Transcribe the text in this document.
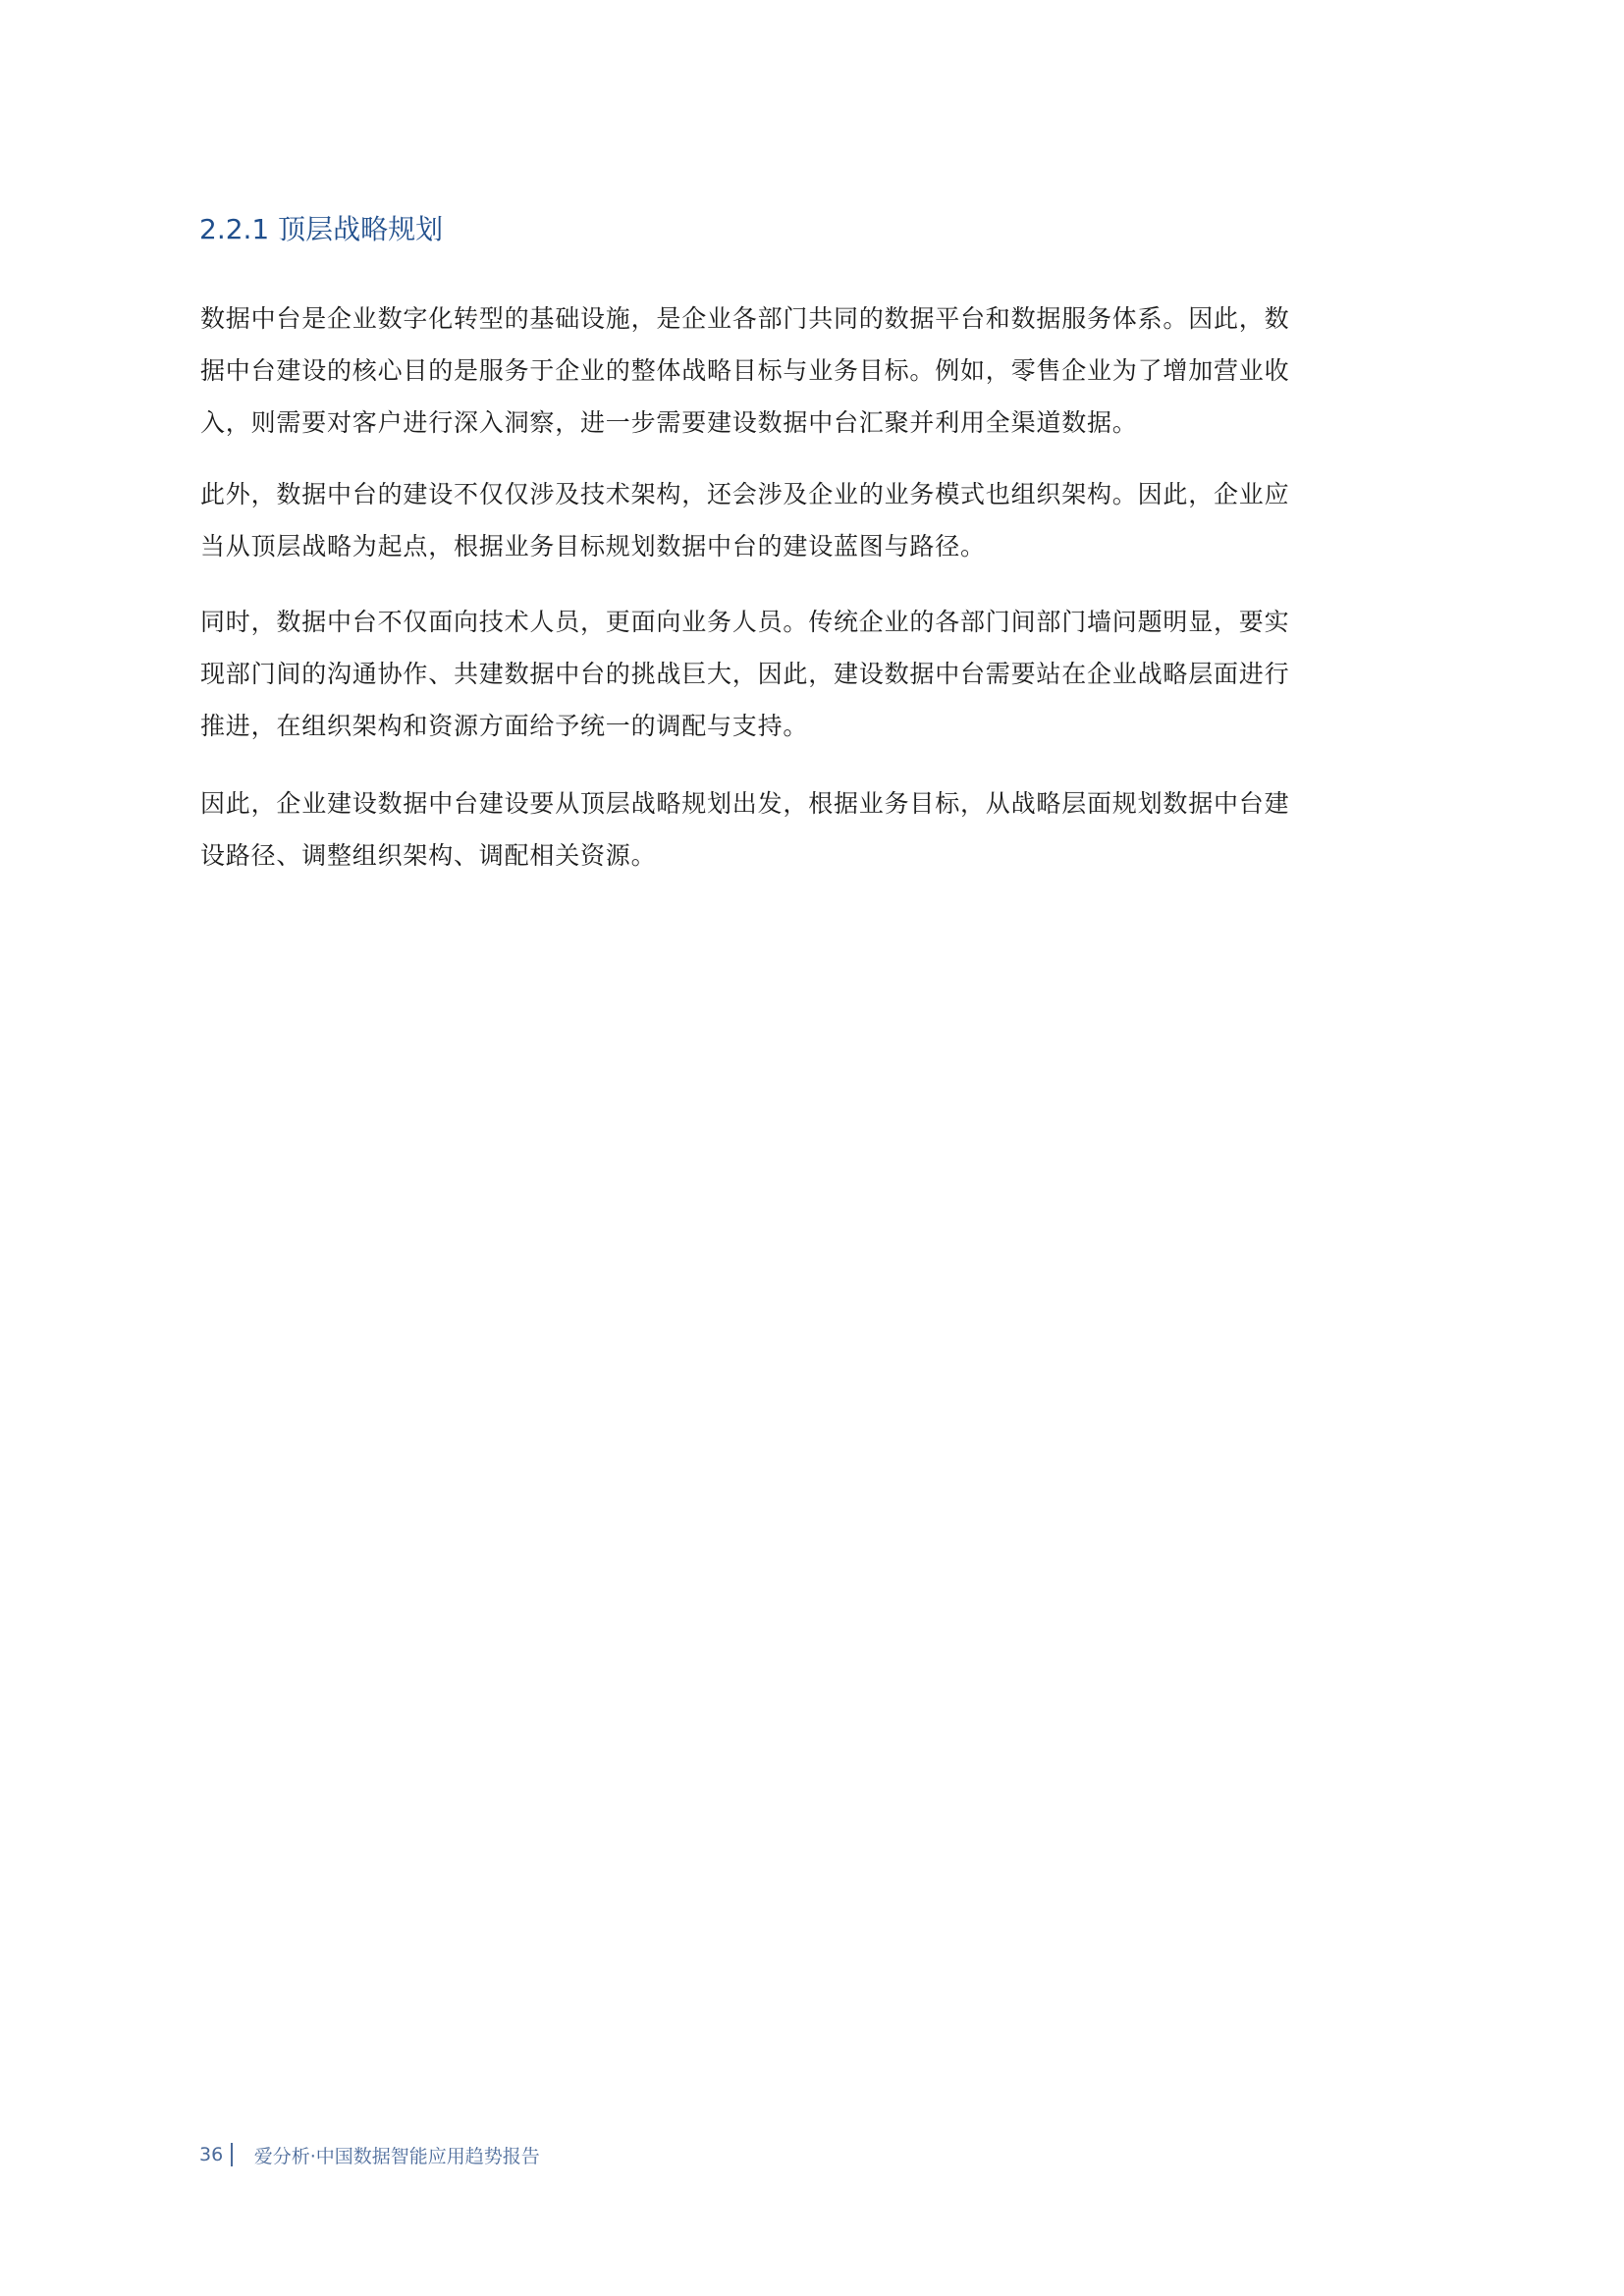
2.2.1 顶层战略规划

数据中台是企业数字化转型的基础设施，是企业各部门共同的数据平台和数据服务体系。因此，数
据中台建设的核心目的是服务于企业的整体战略目标与业务目标。例如，零售企业为了增加营业收
入，则需要对客户进行深入洞察，进一步需要建设数据中台汇聚并利用全渠道数据。

此外，数据中台的建设不仅仅涉及技术架构，还会涉及企业的业务模式也组织架构。因此，企业应
当从顶层战略为起点，根据业务目标规划数据中台的建设蓝图与路径。

同时，数据中台不仅面向技术人员，更面向业务人员。传统企业的各部门间部门墙问题明显，要实
现部门间的沟通协作、共建数据中台的挑战巨大，因此，建设数据中台需要站在企业战略层面进行
推进，在组织架构和资源方面给予统一的调配与支持。

因此，企业建设数据中台建设要从顶层战略规划出发，根据业务目标，从战略层面规划数据中台建
设路径、调整组织架构、调配相关资源。

36 爱分析·中国数据智能应用趋势报告
